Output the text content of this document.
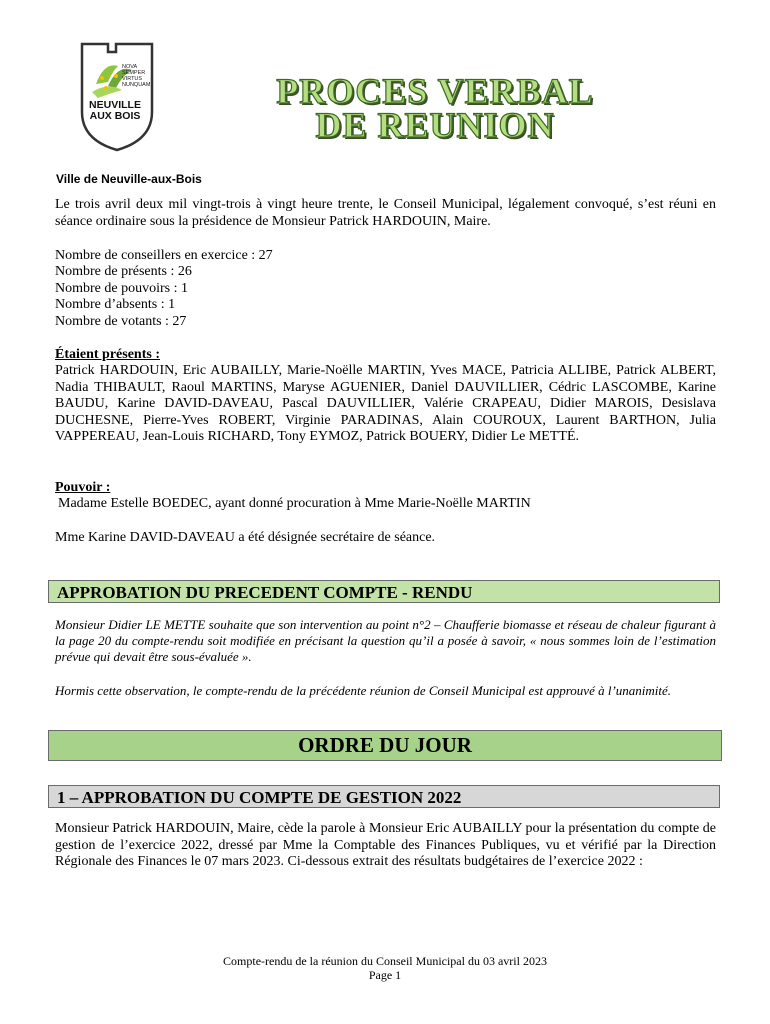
NOVA
SEMPER
VIRTUS
NUNQUAM
NEUVILLE
AUX BOIS
PROCES VERBAL
DE REUNION
Ville de Neuville-aux-Bois
Le trois avril deux mil vingt-trois à vingt heure trente, le Conseil Municipal, légalement convoqué, s’est réuni en séance ordinaire sous la présidence de Monsieur Patrick HARDOUIN, Maire.
Nombre de conseillers en exercice : 27
Nombre de présents : 26
Nombre de pouvoirs : 1
Nombre d’absents : 1
Nombre de votants : 27
Étaient présents :
Patrick HARDOUIN, Eric AUBAILLY, Marie-Noëlle MARTIN, Yves MACE, Patricia ALLIBE, Patrick ALBERT, Nadia THIBAULT, Raoul MARTINS, Maryse AGUENIER, Daniel DAUVILLIER, Cédric LASCOMBE, Karine BAUDU, Karine DAVID-DAVEAU, Pascal DAUVILLIER, Valérie CRAPEAU, Didier MAROIS, Desislava DUCHESNE, Pierre-Yves ROBERT, Virginie PARADINAS, Alain COUROUX, Laurent BARTHON, Julia VAPPEREAU, Jean-Louis RICHARD, Tony EYMOZ, Patrick BOUERY, Didier Le METTÉ.
Pouvoir :
Madame Estelle BOEDEC, ayant donné procuration à Mme Marie-Noëlle MARTIN
Mme Karine DAVID-DAVEAU a été désignée secrétaire de séance.
APPROBATION DU PRECEDENT COMPTE - RENDU
Monsieur Didier LE METTE souhaite que son intervention au point n°2 – Chaufferie biomasse et réseau de chaleur figurant à la page 20 du compte-rendu soit modifiée en précisant la question qu’il a posée à savoir, « nous sommes loin de l’estimation prévue qui devait être sous-évaluée ».
Hormis cette observation, le compte-rendu de la précédente réunion de Conseil Municipal est approuvé à l’unanimité.
ORDRE DU JOUR
1 – APPROBATION DU COMPTE DE GESTION 2022
Monsieur Patrick HARDOUIN, Maire, cède la parole à Monsieur Eric AUBAILLY pour la présentation du compte de gestion de l’exercice 2022, dressé par Mme la Comptable des Finances Publiques, vu et vérifié par la Direction Régionale des Finances le 07 mars 2023. Ci-dessous extrait des résultats budgétaires de l’exercice 2022 :
Compte-rendu de la réunion du Conseil Municipal du 03 avril 2023
Page 1
